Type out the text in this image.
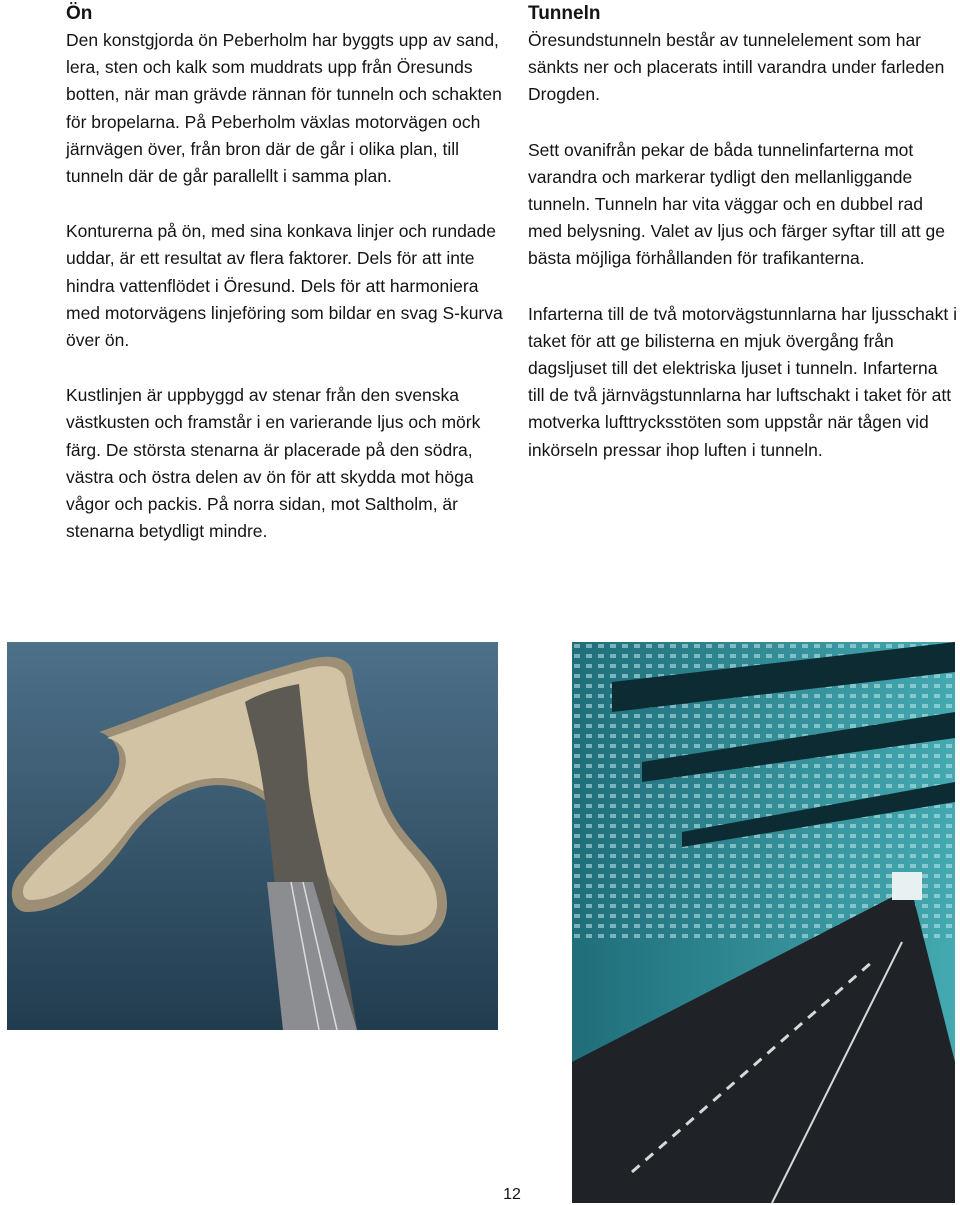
Ön

Den konstgjorda ön Peberholm har byggts upp av sand, lera, sten och kalk som muddrats upp från Öresunds botten, när man grävde rännan för tunneln och schakten för bropelarna. På Peberholm växlas motorvägen och järnvägen över, från bron där de går i olika plan, till tunneln där de går parallellt i samma plan.

Konturerna på ön, med sina konkava linjer och rundade uddar, är ett resultat av flera faktorer. Dels för att inte hindra vattenflödet i Öresund. Dels för att harmoniera med motorvägens linjeföring som bildar en svag S-kurva över ön.

Kustlinjen är uppbyggd av stenar från den svenska västkusten och framstår i en varierande ljus och mörk färg. De största stenarna är placerade på den södra, västra och östra delen av ön för att skydda mot höga vågor och packis. På norra sidan, mot Saltholm, är stenarna betydligt mindre.

Tunneln

Öresundstunneln består av tunnelelement som har sänkts ner och placerats intill varandra under farleden Drogden.

Sett ovanifrån pekar de båda tunnelinfarterna mot varandra och markerar tydligt den mellanliggande tunneln. Tunneln har vita väggar och en dubbel rad med belysning. Valet av ljus och färger syftar till att ge bästa möjliga förhållanden för trafikanterna.

Infarterna till de två motorvägstunnlarna har ljusschakt i taket för att ge bilisterna en mjuk övergång från dagsljuset till det elektriska ljuset i tunneln. Infarterna till de två järnvägstunnlarna har luftschakt i taket för att motverka lufttrycksstöten som uppstår när tågen vid inkörseln pressar ihop luften i tunneln.

12
